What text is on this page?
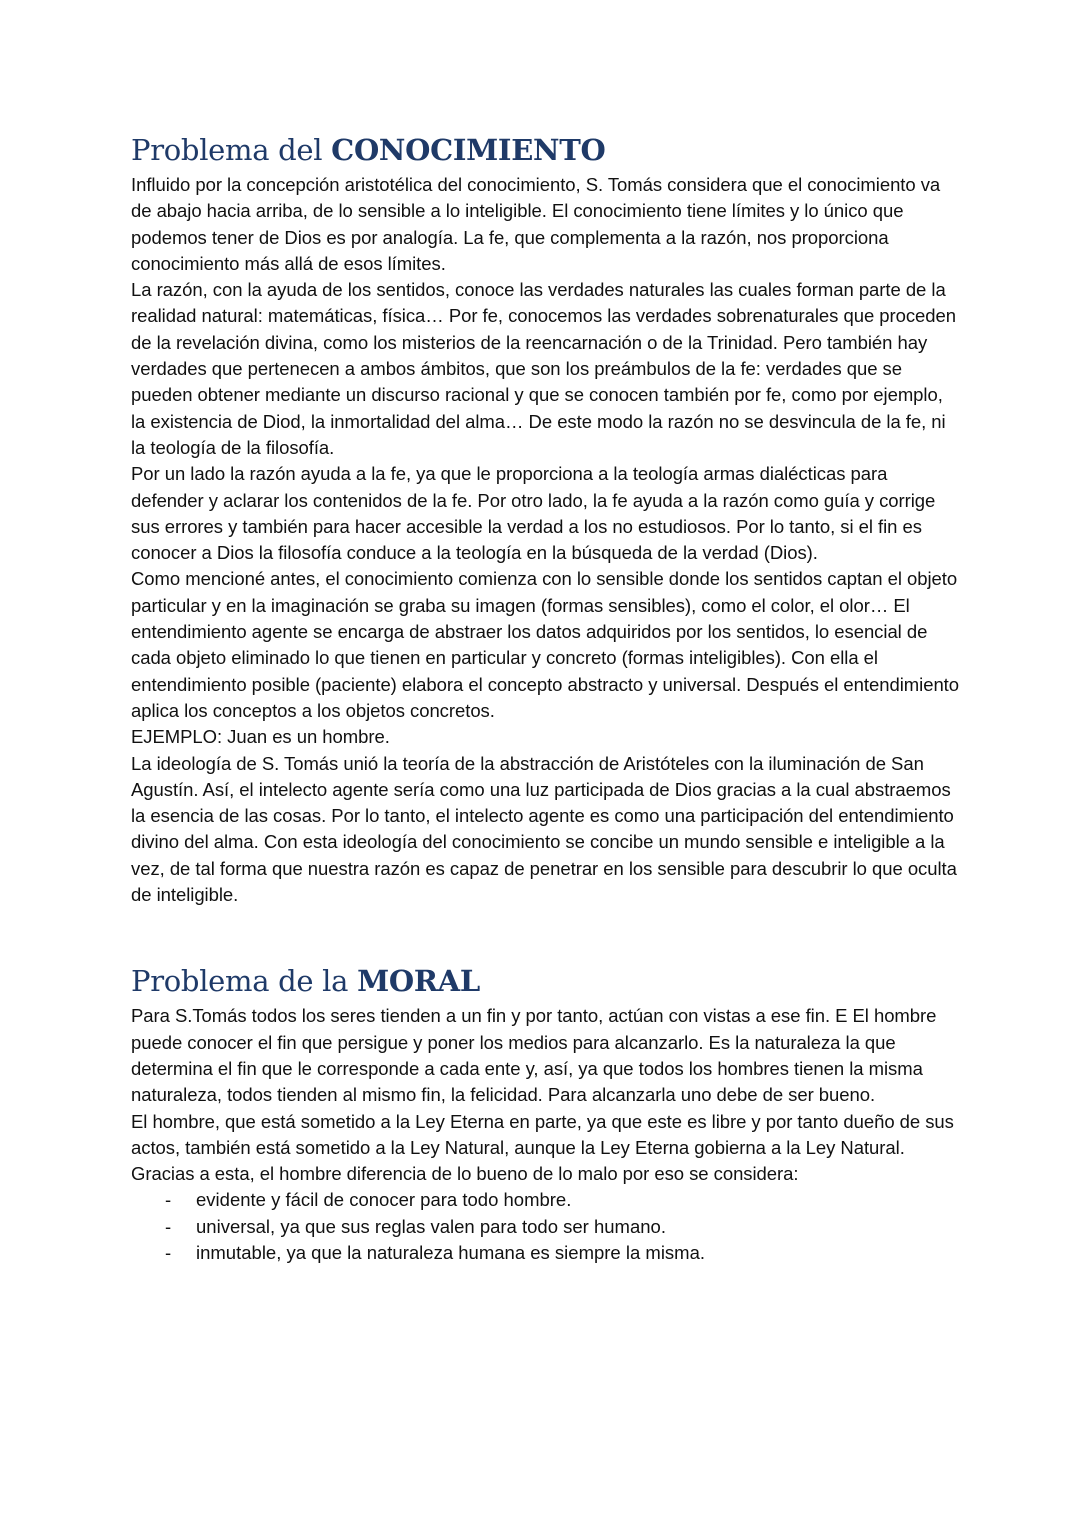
Problema del CONOCIMIENTO

Influido por la concepción aristotélica del conocimiento, S. Tomás considera que el conocimiento va de abajo hacia arriba, de lo sensible a lo inteligible. El conocimiento tiene límites y lo único que podemos tener de Dios es por analogía. La fe, que complementa a la razón, nos proporciona conocimiento más allá de esos límites.

La razón, con la ayuda de los sentidos, conoce las verdades naturales las cuales forman parte de la realidad natural: matemáticas, física… Por fe, conocemos las verdades sobrenaturales que proceden de la revelación divina, como los misterios de la reencarnación o de la Trinidad. Pero también hay verdades que pertenecen a ambos ámbitos, que son los preámbulos de la fe: verdades que se pueden obtener mediante un discurso racional y que se conocen también por fe, como por ejemplo, la existencia de Diod, la inmortalidad del alma… De este modo la razón no se desvincula de la fe, ni la teología de la filosofía.

Por un lado la razón ayuda a la fe, ya que le proporciona a la teología armas dialécticas para defender y aclarar los contenidos de la fe. Por otro lado, la fe ayuda a la razón como guía y corrige sus errores y también para hacer accesible la verdad a los no estudiosos. Por lo tanto, si el fin es conocer a Dios la filosofía conduce a la teología en la búsqueda de la verdad (Dios).

Como mencioné antes, el conocimiento comienza con lo sensible donde los sentidos captan el objeto particular y en la imaginación se graba su imagen (formas sensibles), como el color, el olor… El entendimiento agente se encarga de abstraer los datos adquiridos por los sentidos, lo esencial de cada objeto eliminado lo que tienen en particular y concreto (formas inteligibles). Con ella el entendimiento posible (paciente) elabora el concepto abstracto y universal. Después el entendimiento aplica los conceptos a los objetos concretos.

EJEMPLO: Juan es un hombre.

La ideología de S. Tomás unió la teoría de la abstracción de Aristóteles con la iluminación de San Agustín. Así, el intelecto agente sería como una luz participada de Dios gracias a la cual abstraemos la esencia de las cosas. Por lo tanto, el intelecto agente es como una participación del entendimiento divino del alma. Con esta ideología del conocimiento se concibe un mundo sensible e inteligible a la vez, de tal forma que nuestra razón es capaz de penetrar en los sensible para descubrir lo que oculta de inteligible.

Problema de la MORAL

Para S.Tomás todos los seres tienden a un fin y por tanto, actúan con vistas a ese fin. E El hombre puede conocer el fin que persigue y poner los medios para alcanzarlo. Es la naturaleza la que determina el fin que le corresponde a cada ente y, así, ya que todos los hombres tienen la misma naturaleza, todos tienden al mismo fin, la felicidad. Para alcanzarla uno debe de ser bueno.

El hombre, que está sometido a la Ley Eterna en parte, ya que este es libre y por tanto dueño de sus actos, también está sometido a la Ley Natural, aunque la Ley Eterna gobierna a la Ley Natural. Gracias a esta, el hombre diferencia de lo bueno de lo malo por eso se considera:

- evidente y fácil de conocer para todo hombre.
- universal, ya que sus reglas valen para todo ser humano.
- inmutable, ya que la naturaleza humana es siempre la misma.
